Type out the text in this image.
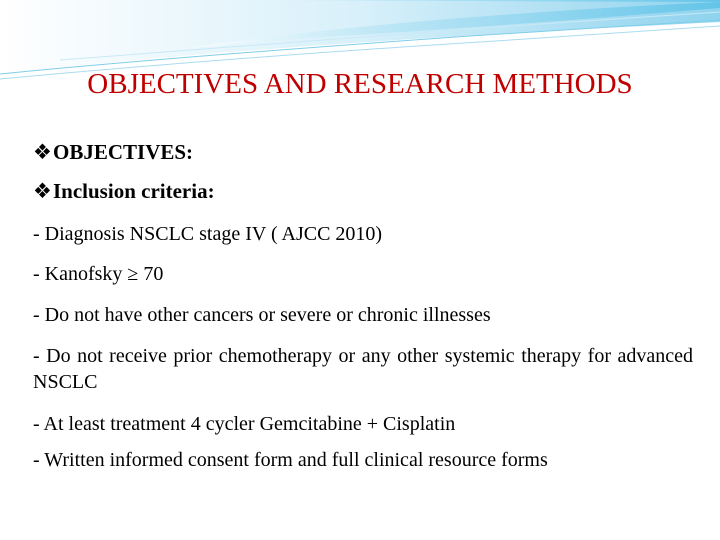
OBJECTIVES AND RESEARCH METHODS
❖OBJECTIVES:
❖Inclusion criteria:
- Diagnosis NSCLC stage IV ( AJCC 2010)
- Kanofsky ≥ 70
- Do not have other cancers or severe or chronic illnesses
- Do not receive prior chemotherapy or any other systemic therapy for advanced NSCLC
- At least treatment 4 cycler Gemcitabine + Cisplatin
- Written informed consent form and full clinical resource forms
